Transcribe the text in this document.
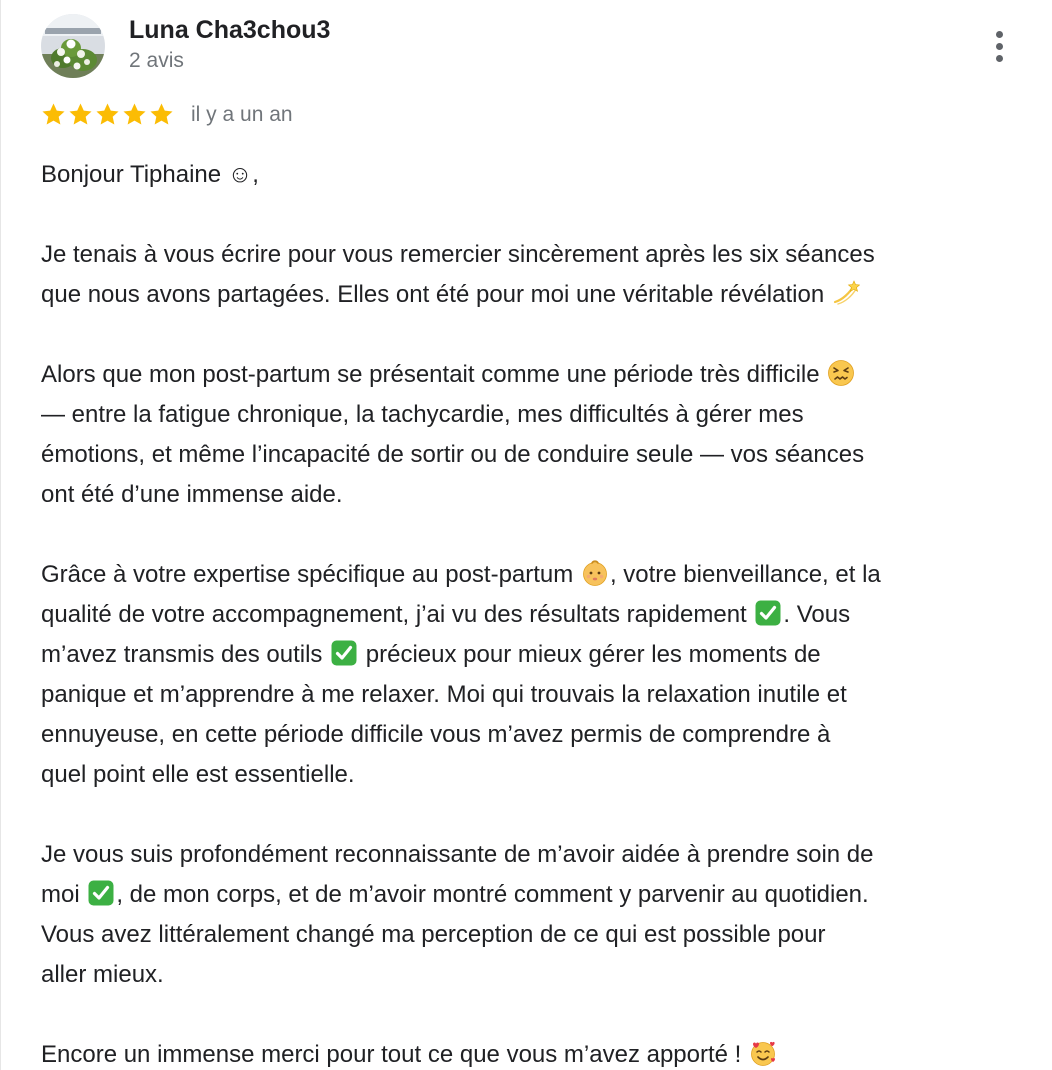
Luna Cha3chou3
2 avis
il y a un an

Bonjour Tiphaine ☺,

Je tenais à vous écrire pour vous remercier sincèrement après les six séances
que nous avons partagées. Elles ont été pour moi une véritable révélation

Alors que mon post-partum se présentait comme une période très difficile
— entre la fatigue chronique, la tachycardie, mes difficultés à gérer mes
émotions, et même l’incapacité de sortir ou de conduire seule — vos séances
ont été d’une immense aide.

Grâce à votre expertise spécifique au post-partum , votre bienveillance, et la
qualité de votre accompagnement, j’ai vu des résultats rapidement . Vous
m’avez transmis des outils précieux pour mieux gérer les moments de
panique et m’apprendre à me relaxer. Moi qui trouvais la relaxation inutile et
ennuyeuse, en cette période difficile vous m’avez permis de comprendre à
quel point elle est essentielle.

Je vous suis profondément reconnaissante de m’avoir aidée à prendre soin de
moi , de mon corps, et de m’avoir montré comment y parvenir au quotidien.
Vous avez littéralement changé ma perception de ce qui est possible pour
aller mieux.

Encore un immense merci pour tout ce que vous m’avez apporté !
